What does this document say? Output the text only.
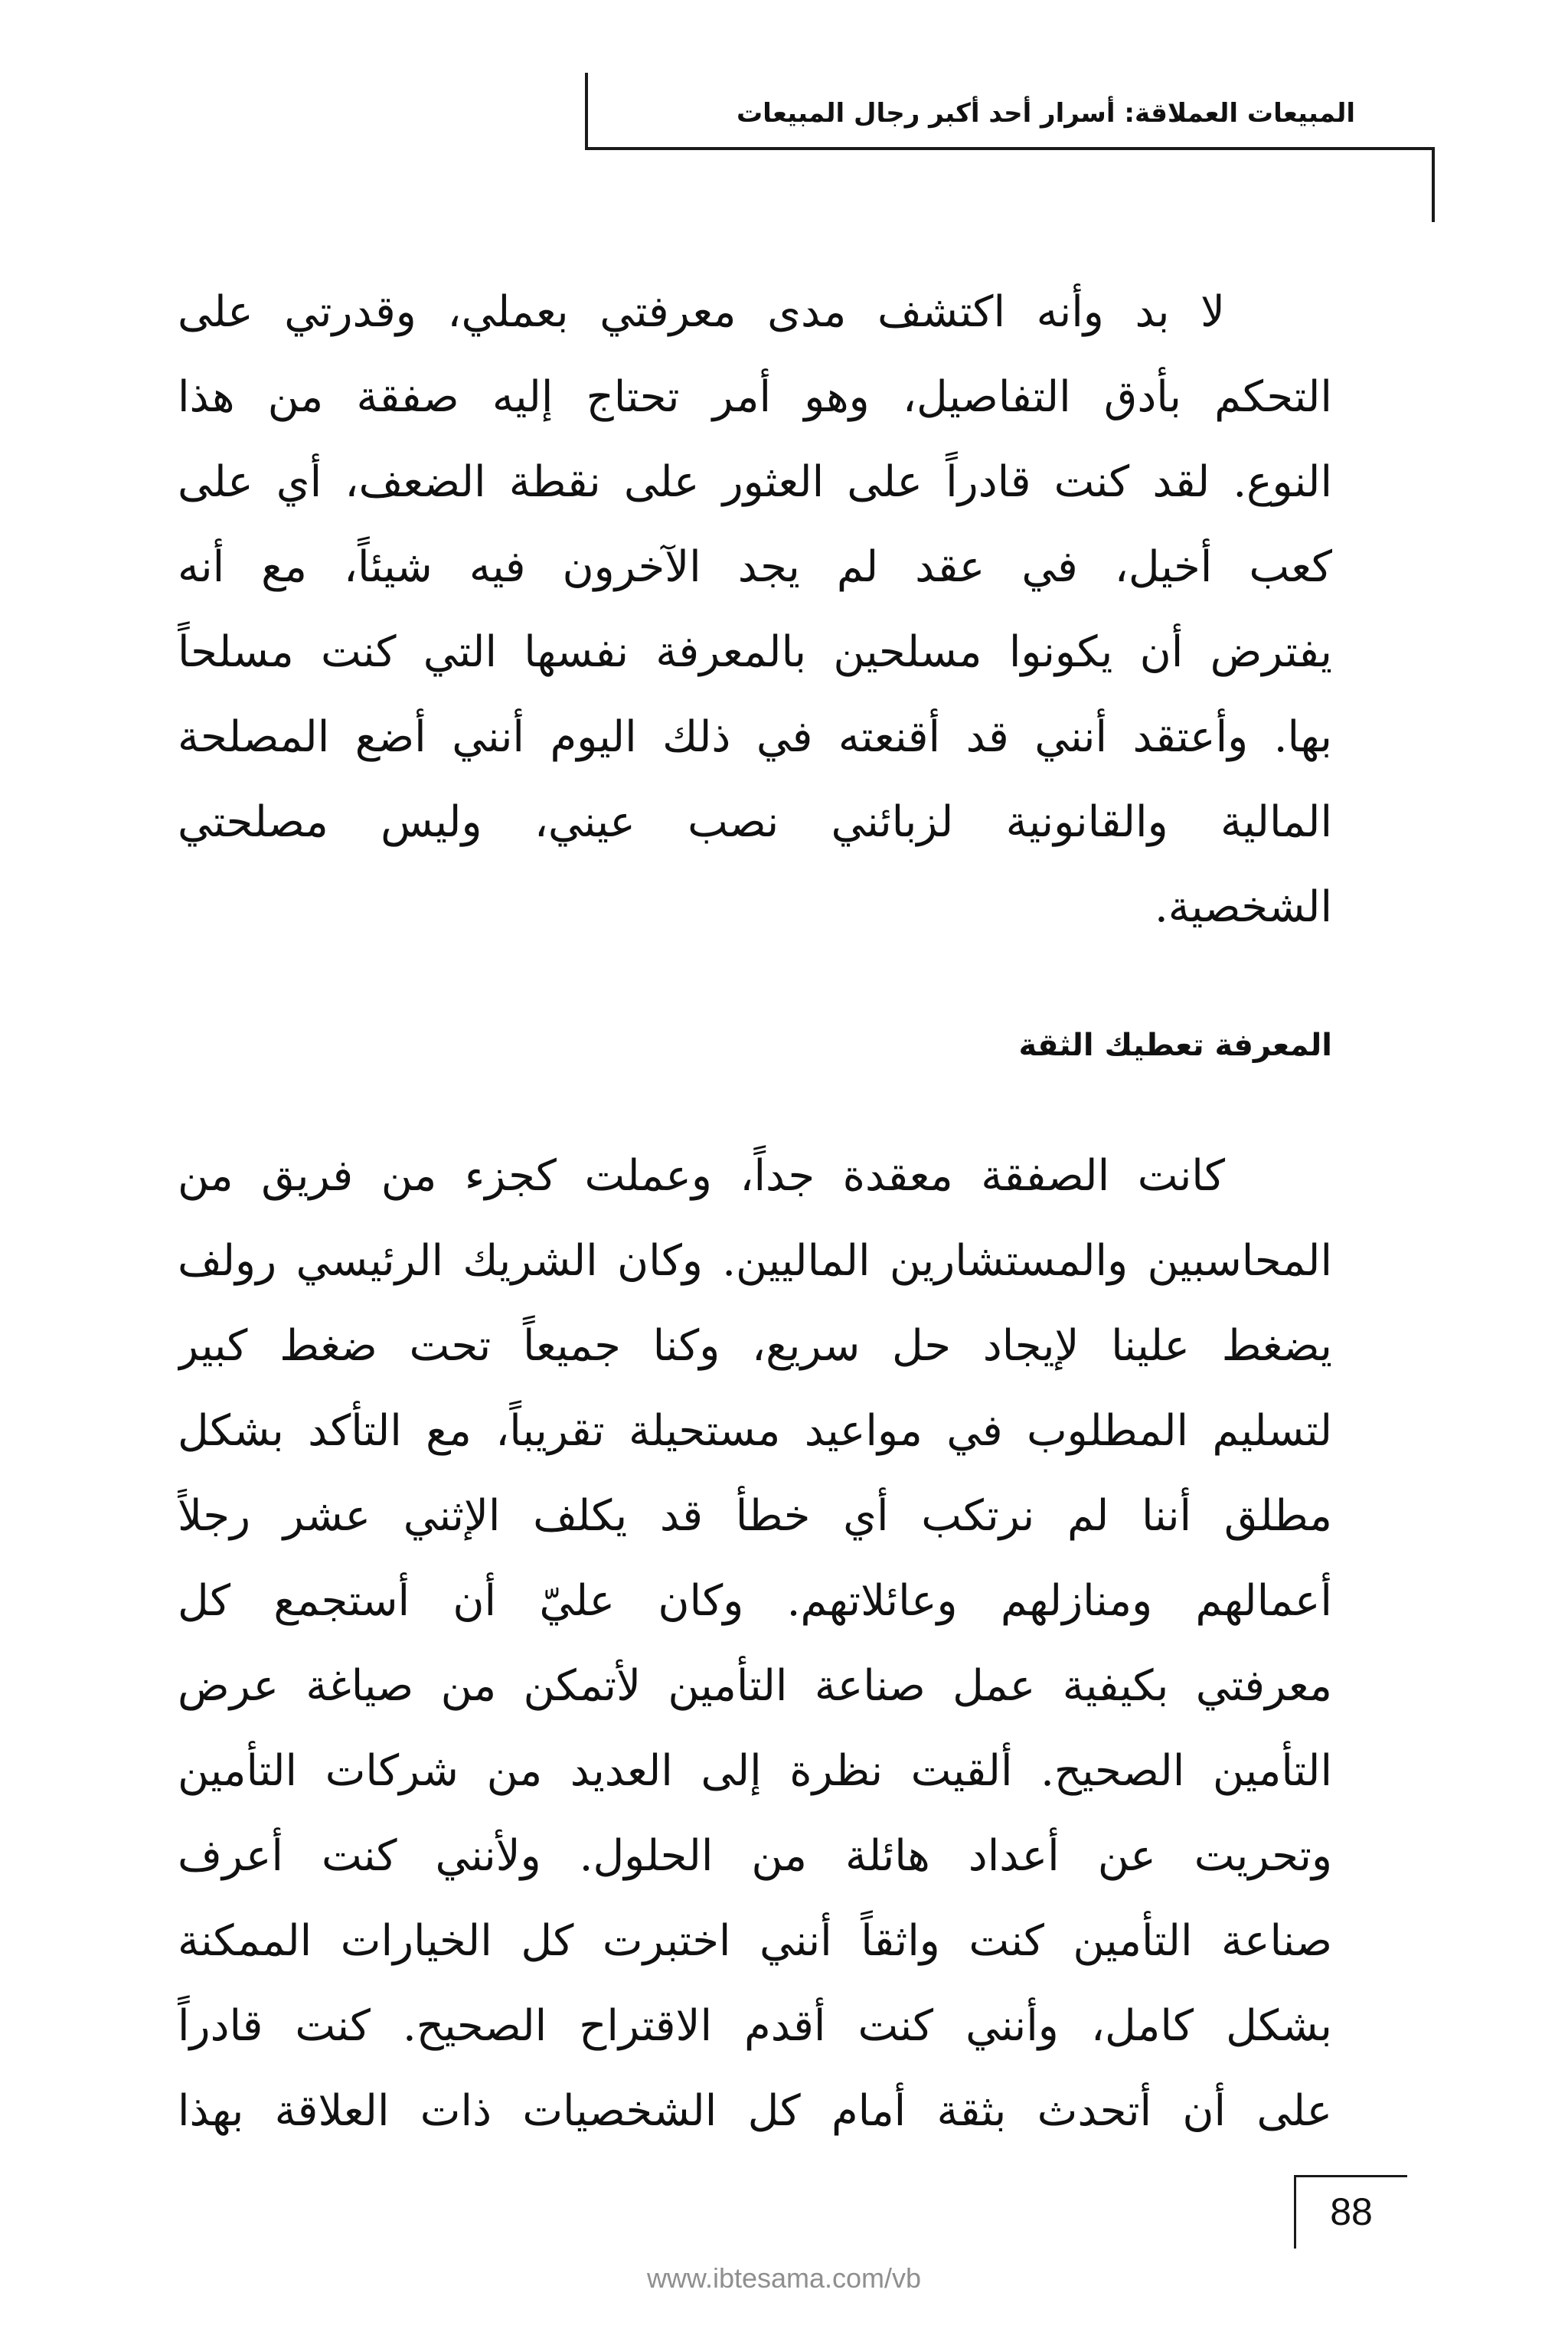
المبيعات العملاقة: أسرار أحد أكبر رجال المبيعات
لا بد وأنه اكتشف مدى معرفتي بعملي، وقدرتي على
التحكم بأدق التفاصيل، وهو أمر تحتاج إليه صفقة من هذا
النوع. لقد كنت قادراً على العثور على نقطة الضعف، أي على
كعب أخيل، في عقد لم يجد الآخرون فيه شيئاً، مع أنه
يفترض أن يكونوا مسلحين بالمعرفة نفسها التي كنت مسلحاً
بها. وأعتقد أنني قد أقنعته في ذلك اليوم أنني أضع المصلحة
المالية والقانونية لزبائني نصب عيني، وليس مصلحتي
الشخصية.
المعرفة تعطيك الثقة
كانت الصفقة معقدة جداً، وعملت كجزء من فريق من
المحاسبين والمستشارين الماليين. وكان الشريك الرئيسي رولف
يضغط علينا لإيجاد حل سريع، وكنا جميعاً تحت ضغط كبير
لتسليم المطلوب في مواعيد مستحيلة تقريباً، مع التأكد بشكل
مطلق أننا لم نرتكب أي خطأ قد يكلف الإثني عشر رجلاً
أعمالهم ومنازلهم وعائلاتهم. وكان عليّ أن أستجمع كل
معرفتي بكيفية عمل صناعة التأمين لأتمكن من صياغة عرض
التأمين الصحيح. ألقيت نظرة إلى العديد من شركات التأمين
وتحريت عن أعداد هائلة من الحلول. ولأنني كنت أعرف
صناعة التأمين كنت واثقاً أنني اختبرت كل الخيارات الممكنة
بشكل كامل، وأنني كنت أقدم الاقتراح الصحيح. كنت قادراً
على أن أتحدث بثقة أمام كل الشخصيات ذات العلاقة بهذا
88
www.ibtesama.com/vb
